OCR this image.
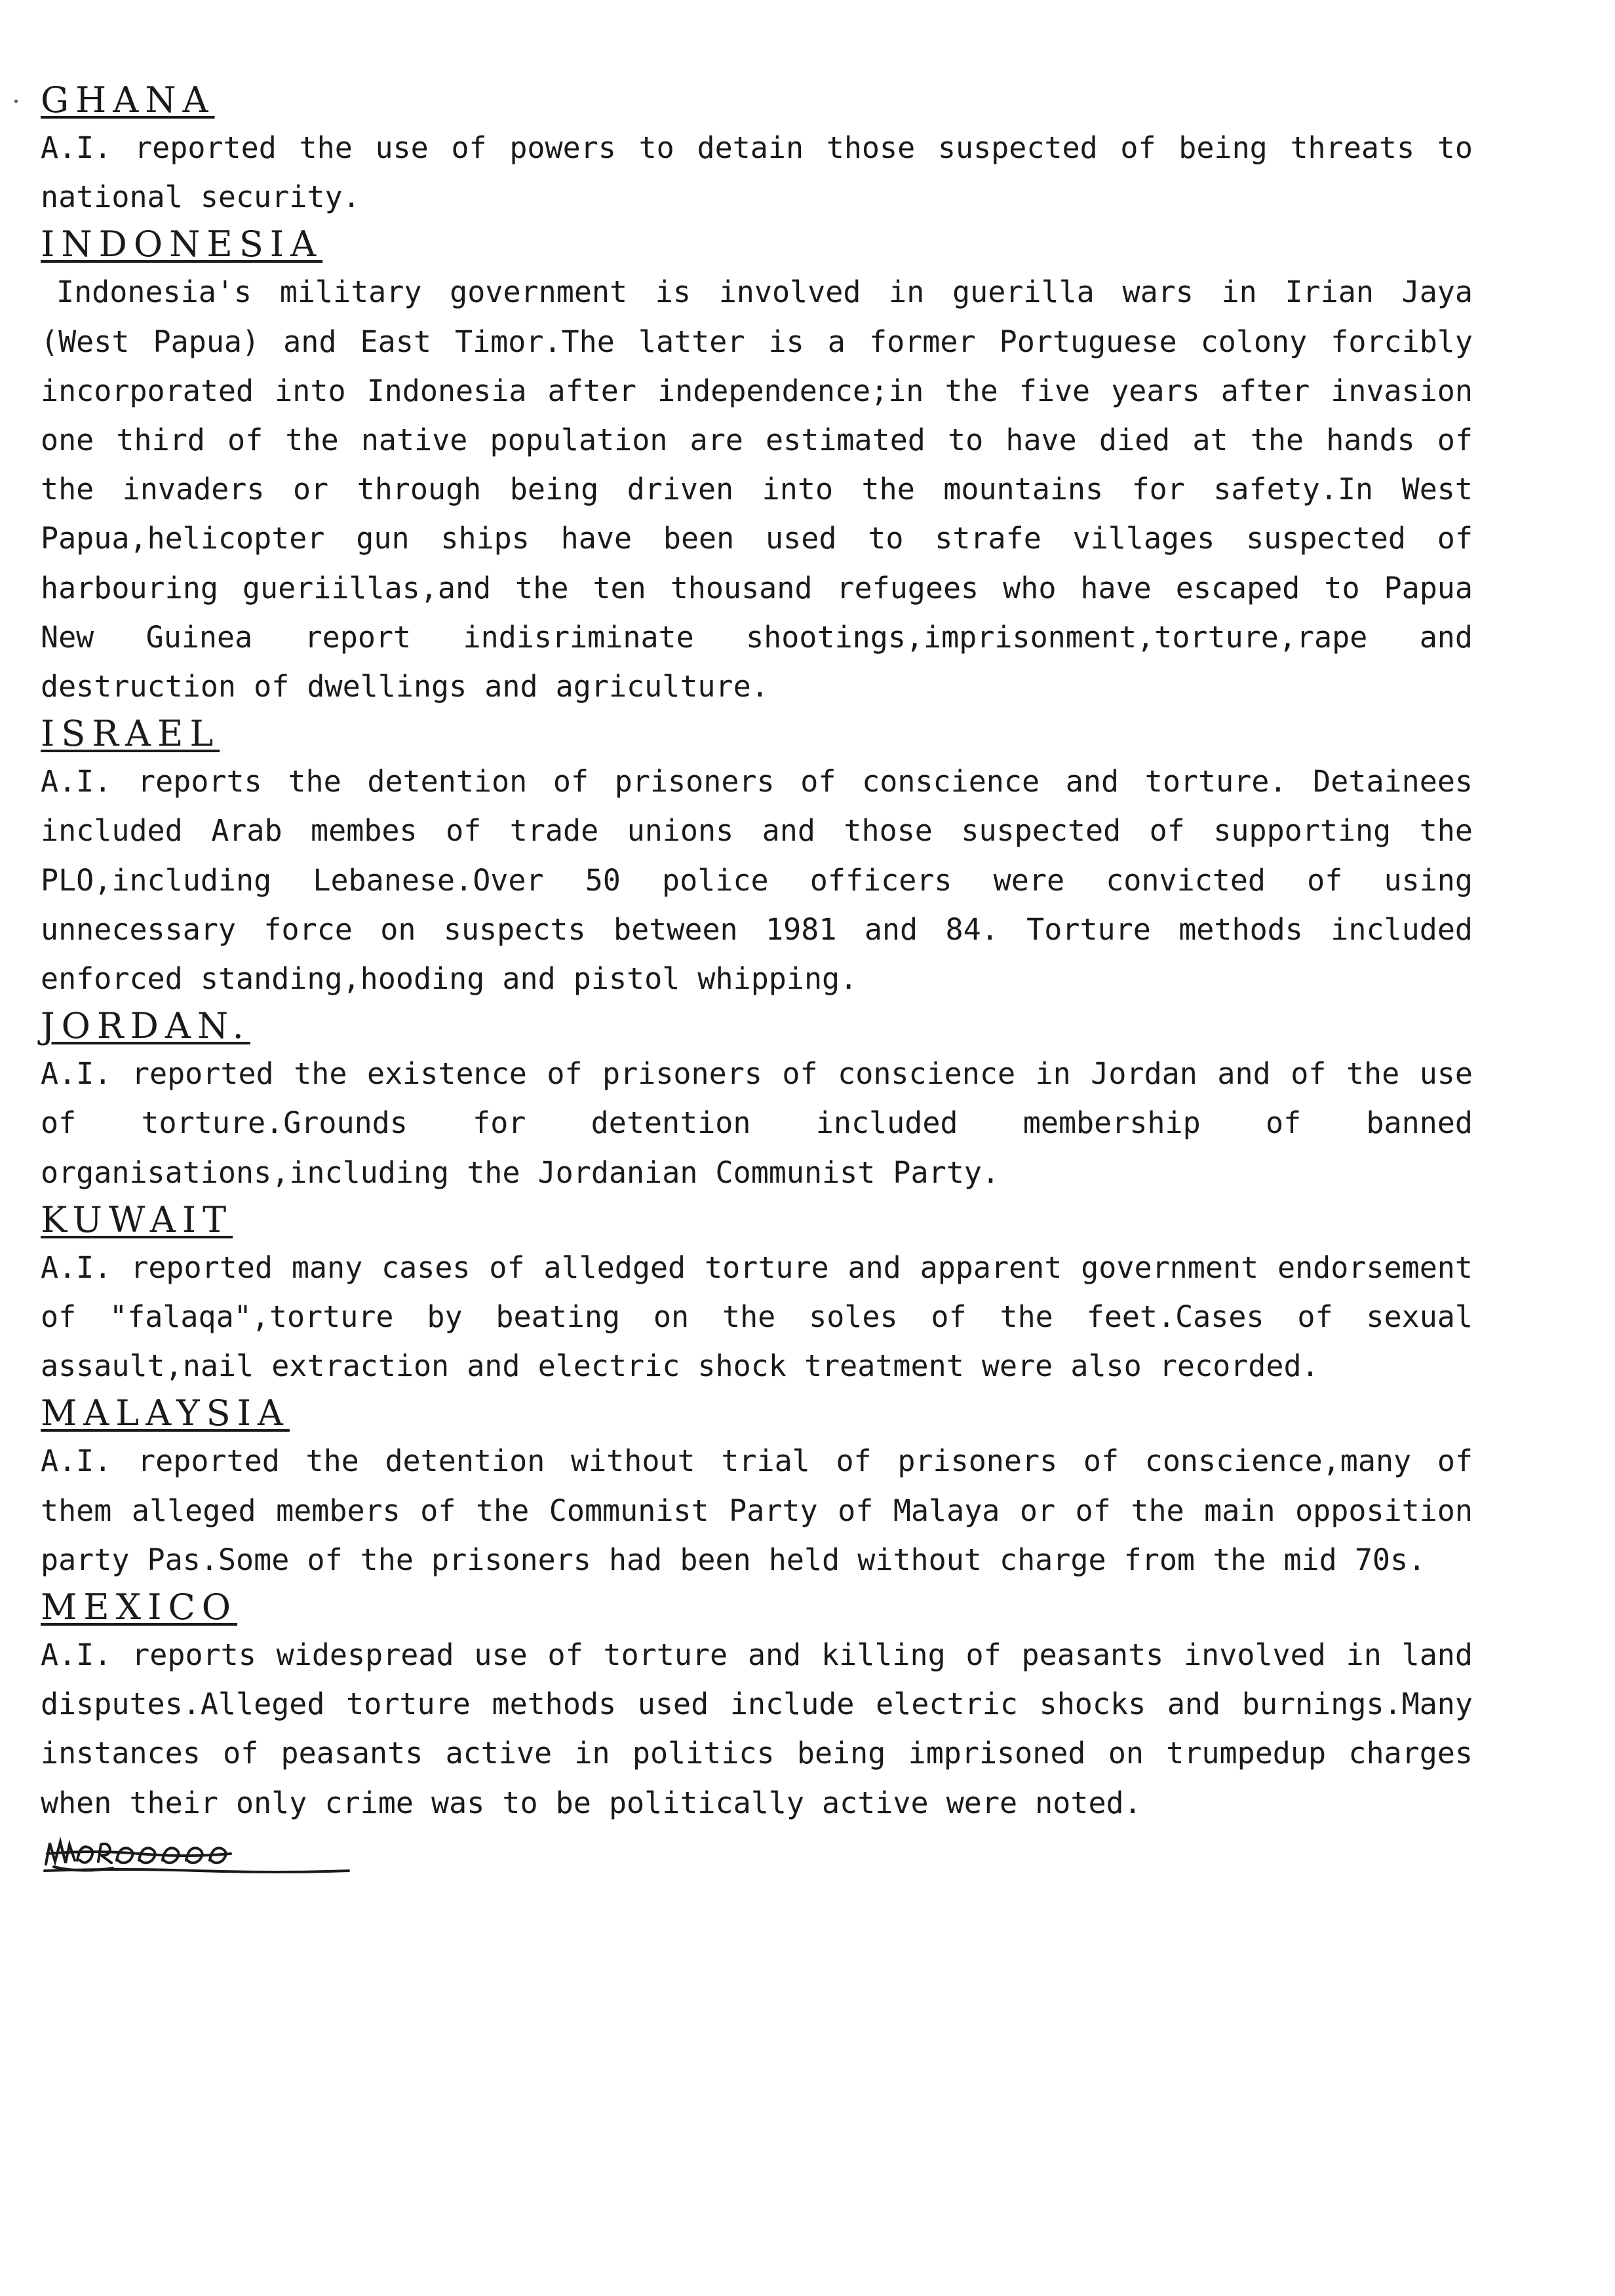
GHANA

A.I. reported the use of powers to detain those suspected of being threats to national security.

INDONESIA

Indonesia's military government is involved in guerilla wars in Irian Jaya (West Papua) and East Timor.The latter is a former Portuguese colony forcibly incorporated into Indonesia after independence;in the five years after invasion one third of the native population are estimated to have died at the hands of the invaders or through being driven into the mountains for safety.In West Papua,helicopter gun ships have been used to strafe villages suspected of harbouring gueriillas,and the ten thousand refugees who have escaped to Papua New Guinea report indisriminate shootings,imprisonment,torture,rape and destruction of dwellings and agriculture.

ISRAEL

A.I. reports the detention of prisoners of conscience and torture. Detainees included Arab membes of trade unions and those suspected of supporting the PLO,including Lebanese.Over 50 police officers were convicted of using unnecessary force on suspects between 1981 and 84. Torture methods included enforced standing,hooding and pistol whipping.

JORDAN.

A.I. reported the existence of prisoners of conscience in Jordan and of the use of torture.Grounds for detention included membership of banned organisations,including the Jordanian Communist Party.

KUWAIT

A.I. reported many cases of alledged torture and apparent government endorsement of "falaqa",torture by beating on the soles of the feet.Cases of sexual assault,nail extraction and electric shock treatment were also recorded.

MALAYSIA

A.I. reported the detention without trial of prisoners of conscience,many of them alleged members of the Communist Party of Malaya or of the main opposition party Pas.Some of the prisoners had been held without charge from the mid 70s.

MEXICO

A.I. reports widespread use of torture and killing of peasants involved in land disputes.Alleged torture methods used include electric shocks and burnings.Many instances of peasants active in politics being imprisoned on trumpedup charges when their only crime was to be politically active were noted.
